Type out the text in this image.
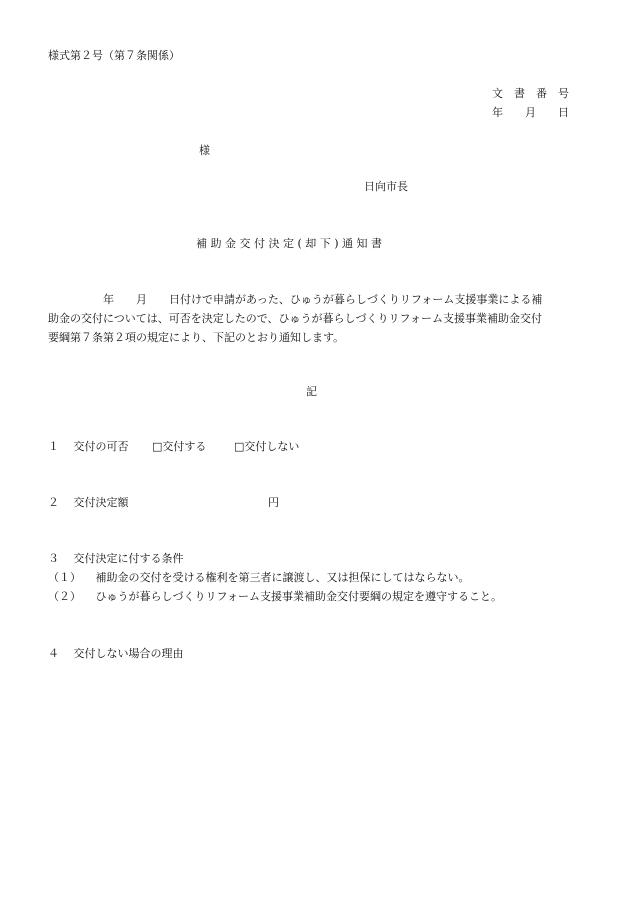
様式第２号（第７条関係）
文　書　番　号
年　　月　　日
様
日向市長
補 助 金 交 付 決 定 ( 却 下 ) 通 知 書
　　　　　年　　月　　日付けで申請があった、ひゅうが暮らしづくりリフォーム支援事業による補
助金の交付については、可否を決定したので、ひゅうが暮らしづくりリフォーム支援事業補助金交付
要綱第７条第２項の規定により、下記のとおり通知します。
記
１ 交付の可否 □交付する	□交付しない
２ 交付決定額	円
３ 交付決定に付する条件
（１） 補助金の交付を受ける権利を第三者に譲渡し、又は担保にしてはならない。
（２） ひゅうが暮らしづくりリフォーム支援事業補助金交付要綱の規定を遵守すること。
４ 交付しない場合の理由
